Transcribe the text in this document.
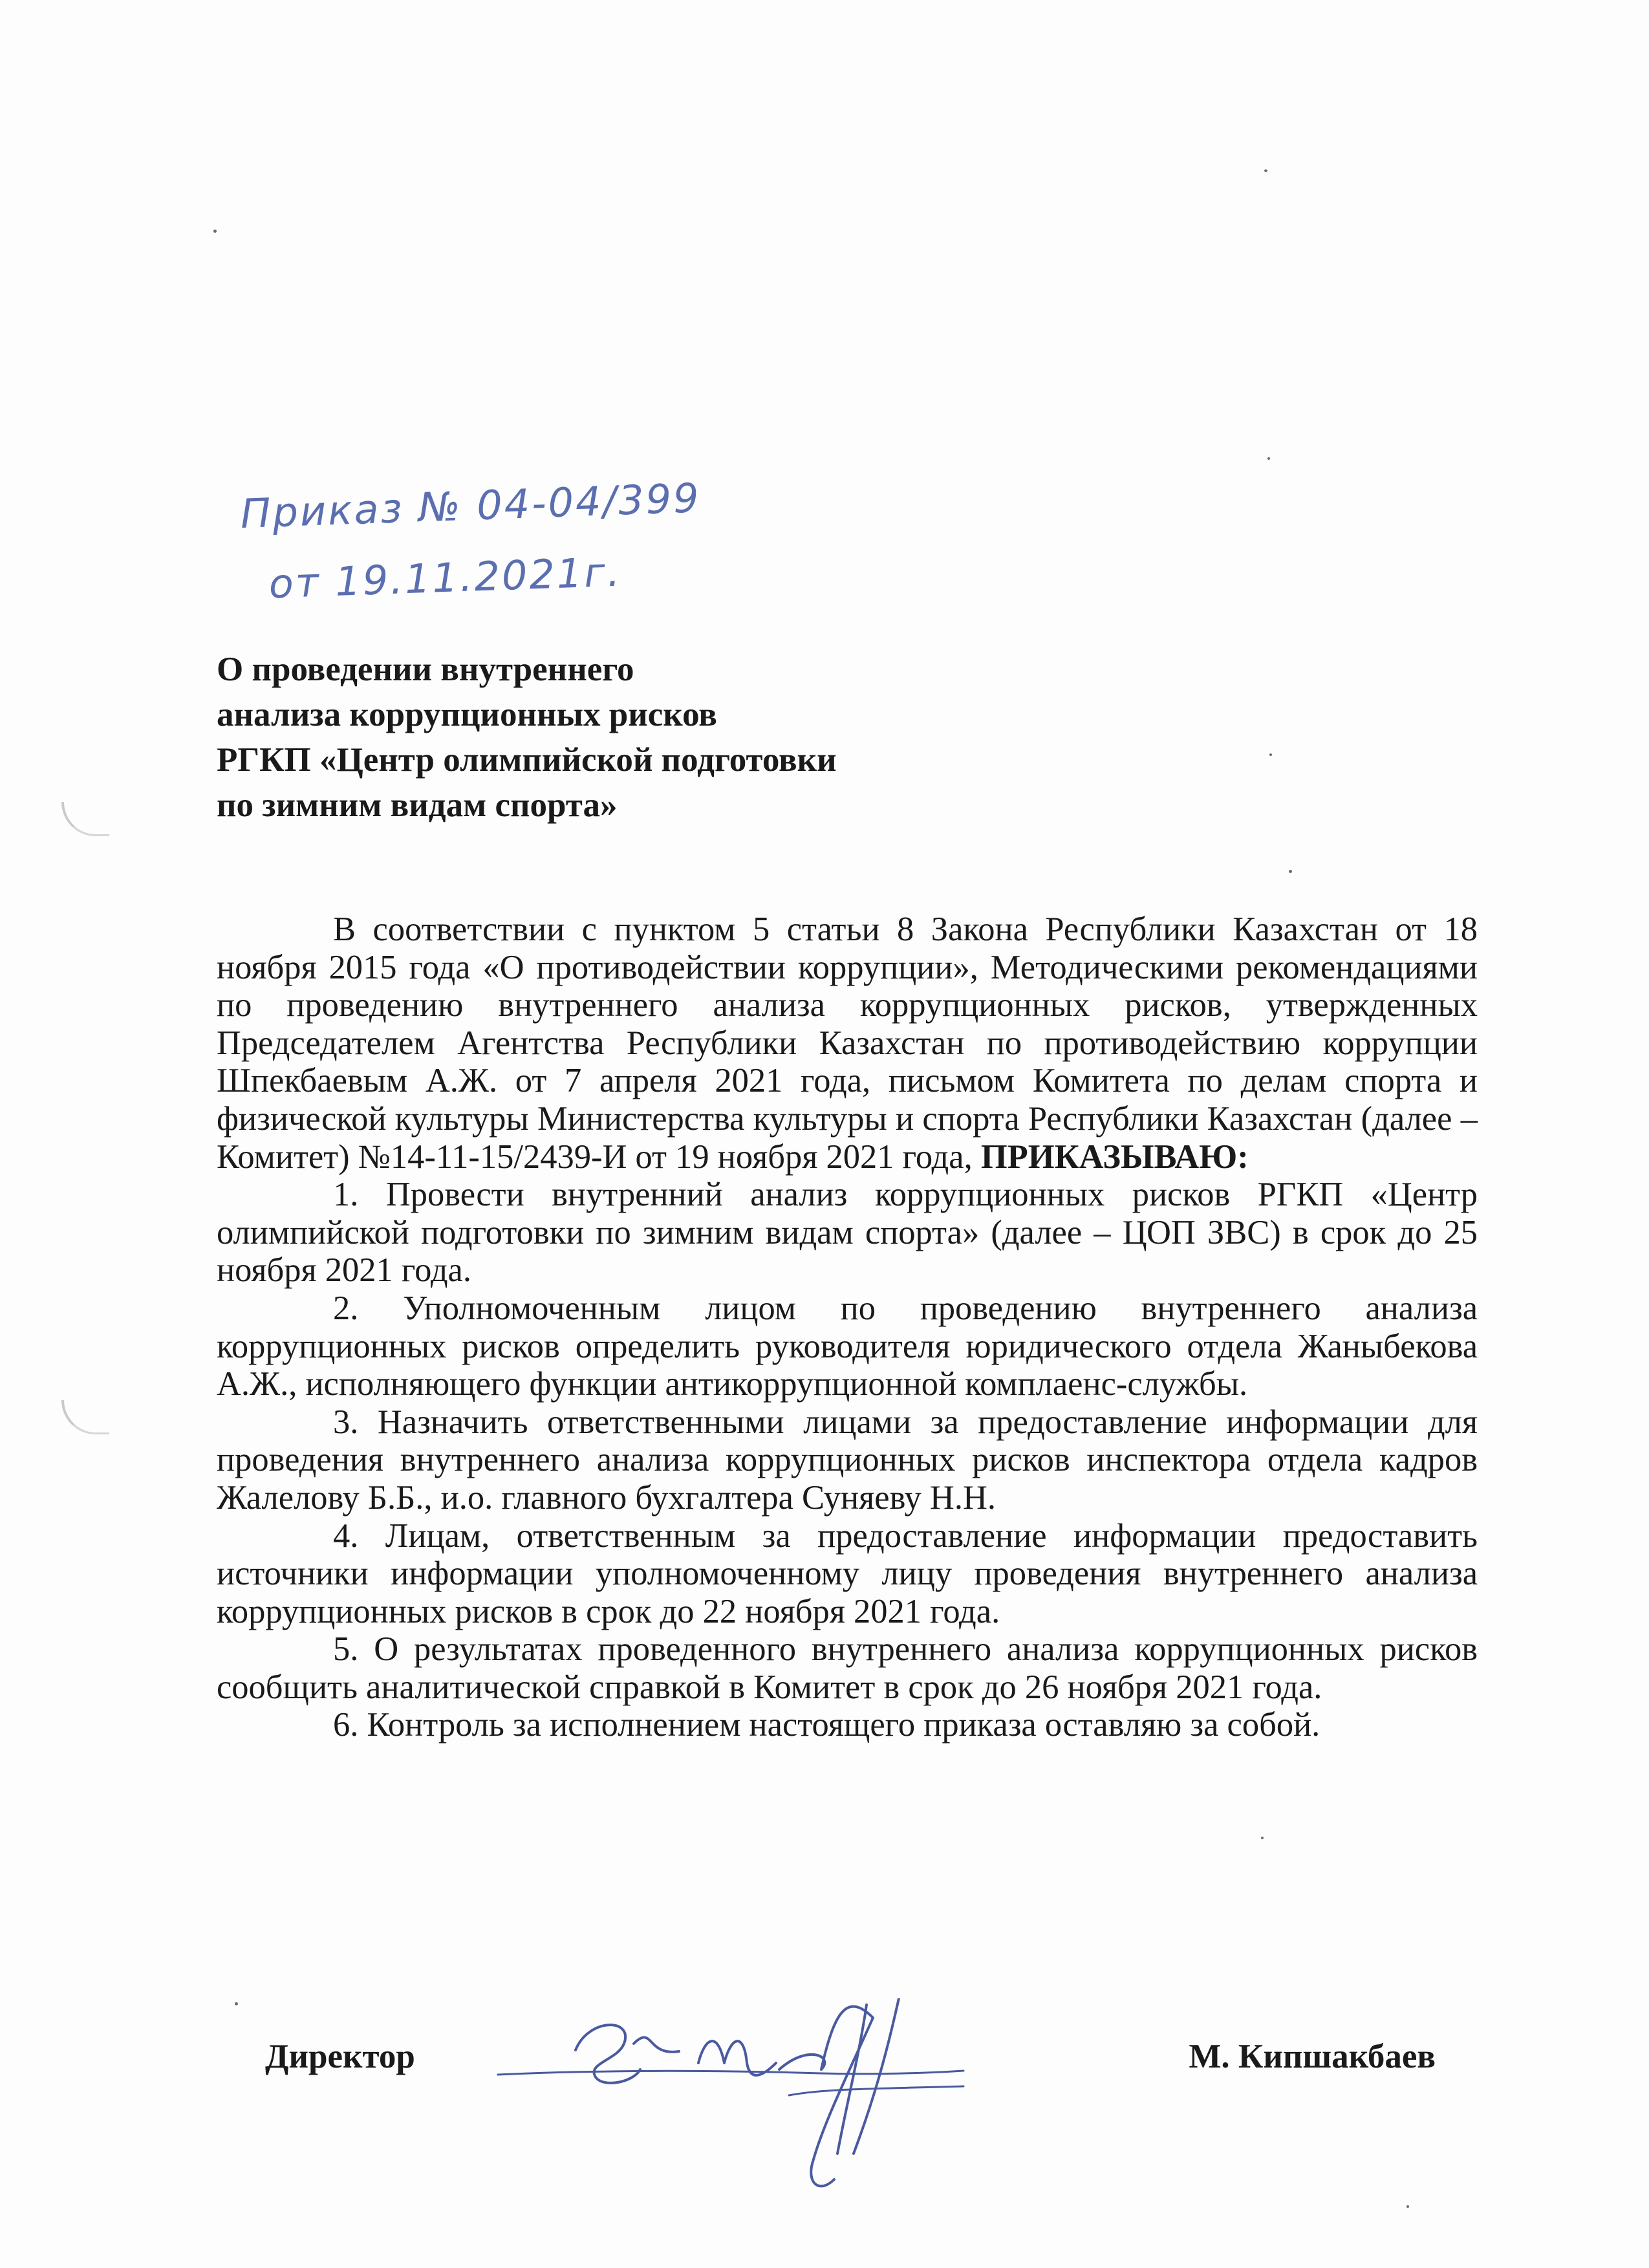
Приказ № 04-04/399
от 19.11.2021г.
О проведении внутреннего
анализа коррупционных рисков
РГКП «Центр олимпийской подготовки
по зимним видам спорта»

В соответствии с пунктом 5 статьи 8 Закона Республики Казахстан от 18 ноября 2015 года «О противодействии коррупции», Методическими рекомендациями по проведению внутреннего анализа коррупционных рисков, утвержденных Председателем Агентства Республики Казахстан по противодействию коррупции Шпекбаевым А.Ж. от 7 апреля 2021 года, письмом Комитета по делам спорта и физической культуры Министерства культуры и спорта Республики Казахстан (далее – Комитет) №14-11-15/2439-И от 19 ноября 2021 года, ПРИКАЗЫВАЮ:

1. Провести внутренний анализ коррупционных рисков РГКП «Центр олимпийской подготовки по зимним видам спорта» (далее – ЦОП ЗВС) в срок до 25 ноября 2021 года.

2. Уполномоченным лицом по проведению внутреннего анализа коррупционных рисков определить руководителя юридического отдела Жаныбекова А.Ж., исполняющего функции антикоррупционной комплаенс-службы.

3. Назначить ответственными лицами за предоставление информации для проведения внутреннего анализа коррупционных рисков инспектора отдела кадров Жалелову Б.Б., и.о. главного бухгалтера Суняеву Н.Н.

4. Лицам, ответственным за предоставление информации предоставить источники информации уполномоченному лицу проведения внутреннего анализа коррупционных рисков в срок до 22 ноября 2021 года.

5. О результатах проведенного внутреннего анализа коррупционных рисков сообщить аналитической справкой в Комитет в срок до 26 ноября 2021 года.

6. Контроль за исполнением настоящего приказа оставляю за собой.

Директор	М. Кипшакбаев
